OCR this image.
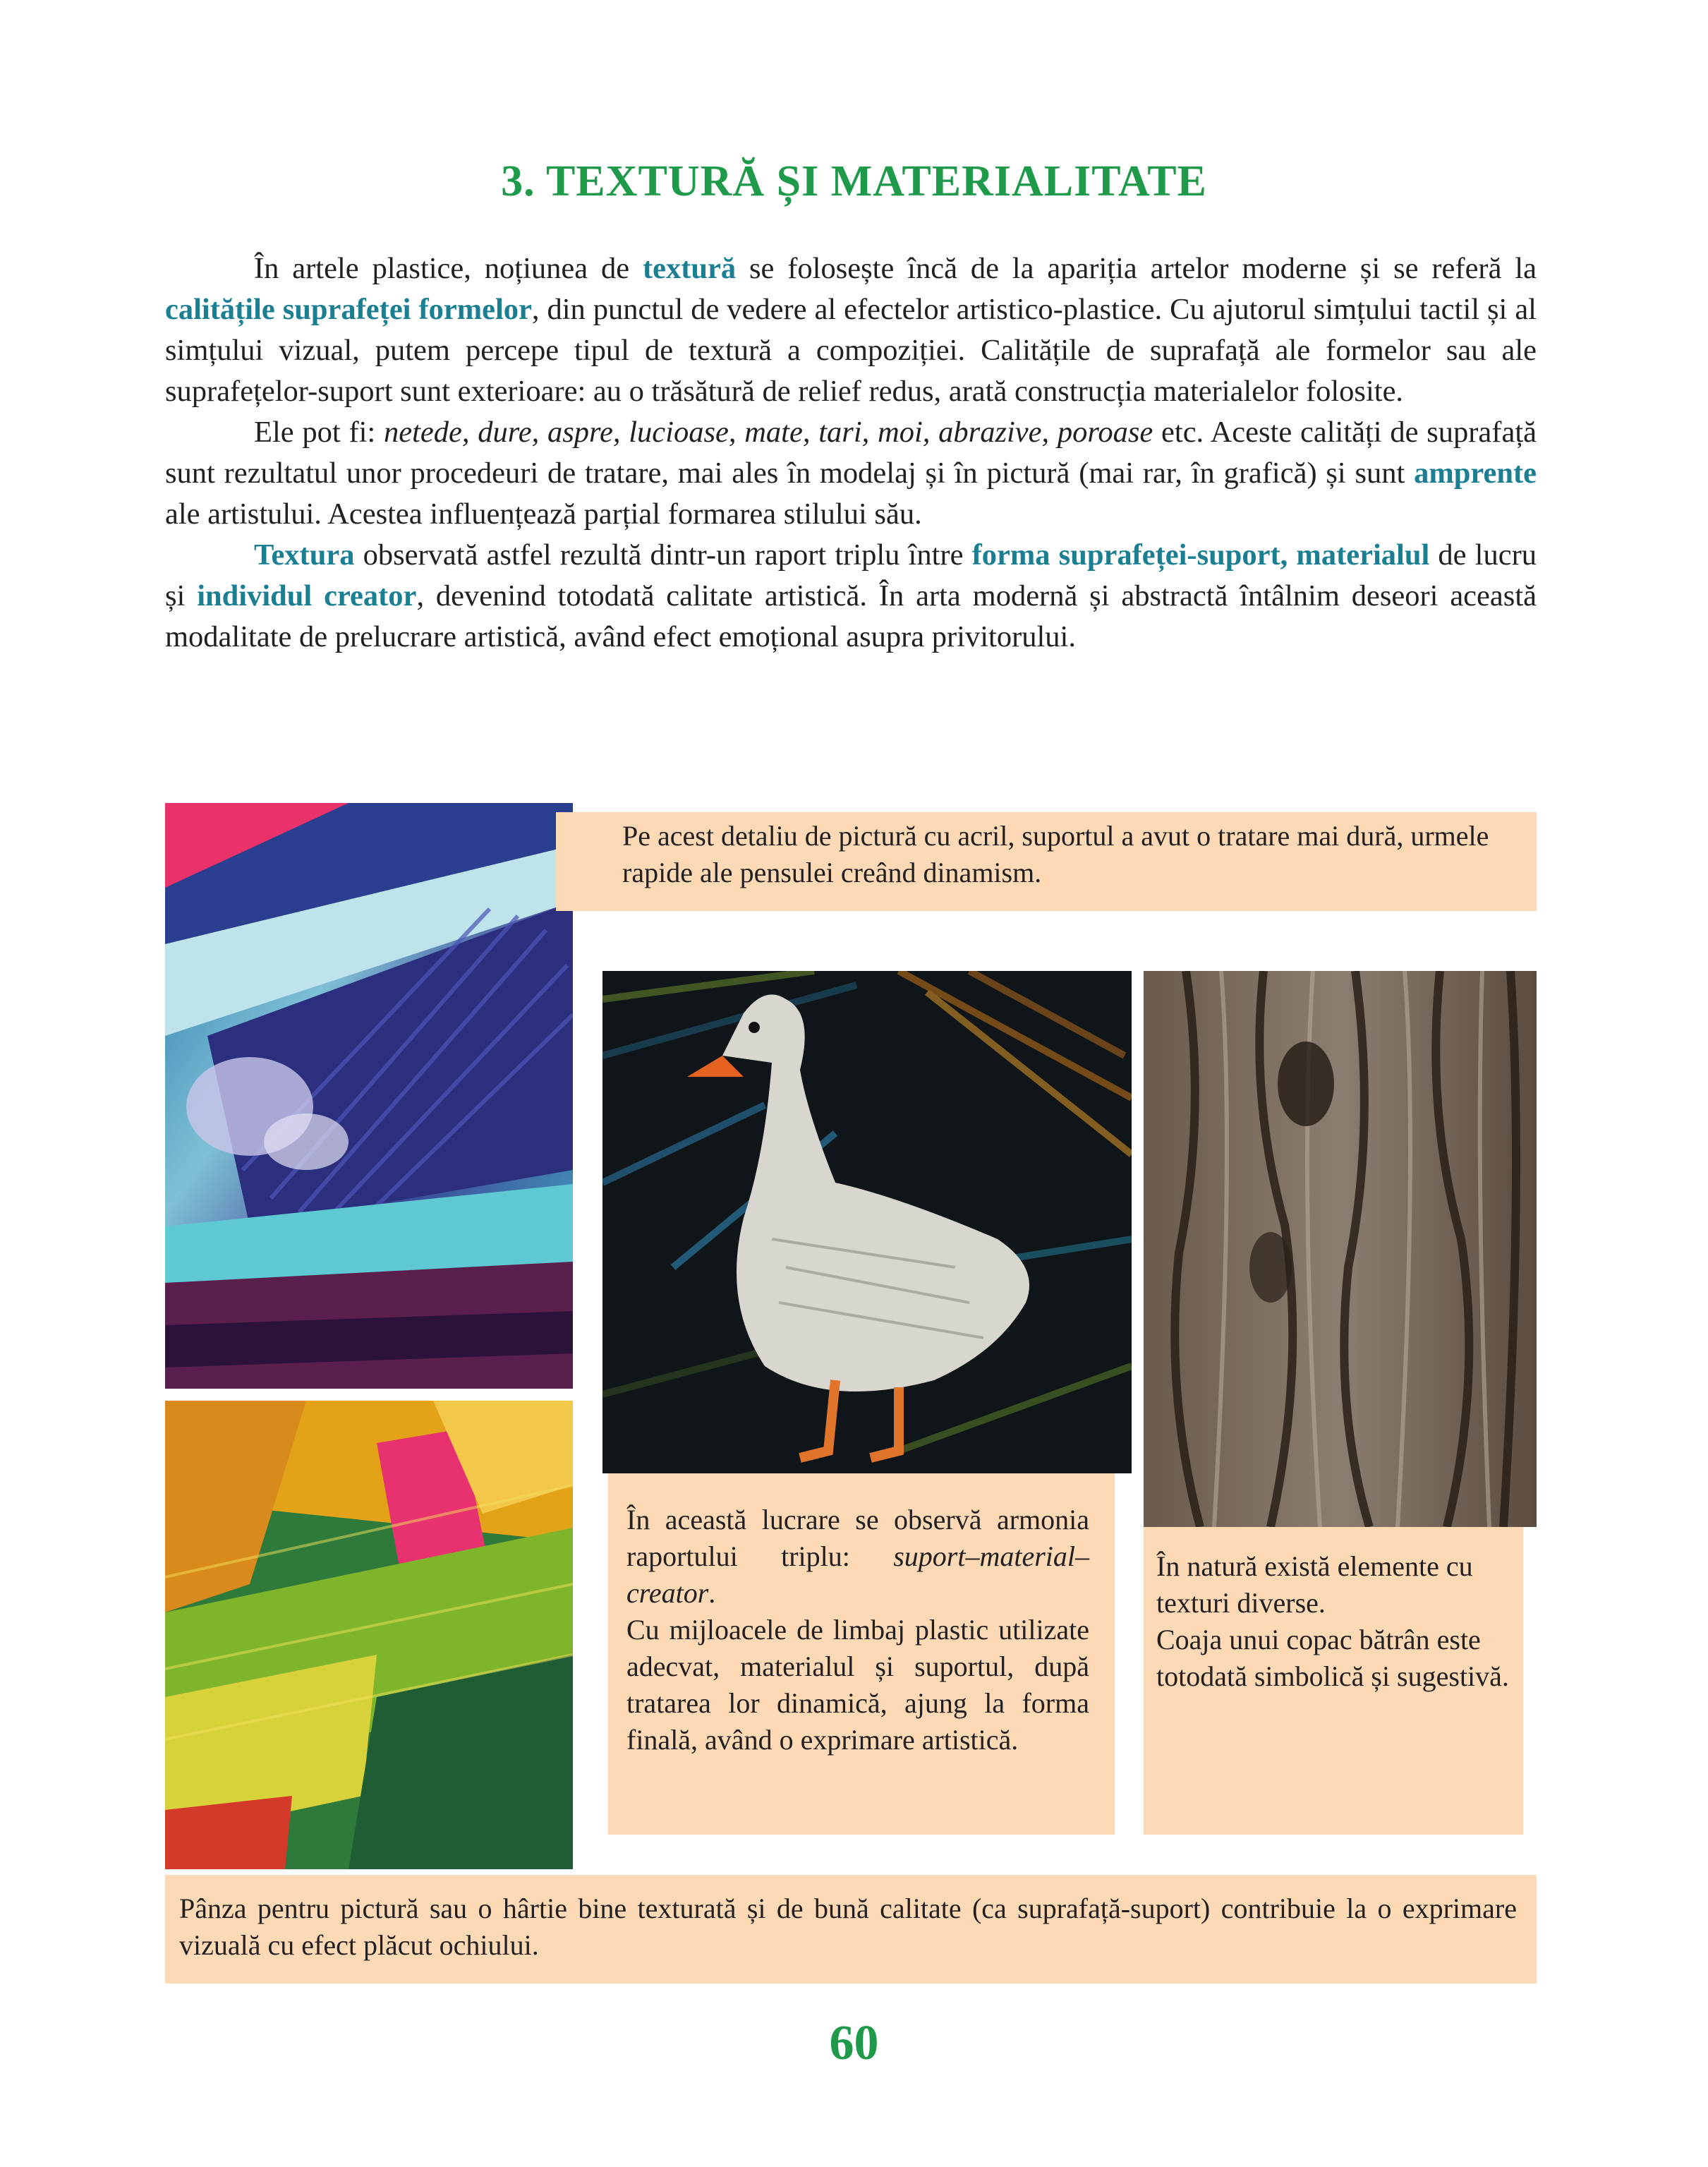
3. TEXTURĂ ȘI MATERIALITATE

În artele plastice, noțiunea de textură se folosește încă de la apariția artelor moderne și se referă la calitățile suprafeței formelor, din punctul de vedere al efectelor artistico-plastice. Cu ajutorul simțului tactil și al simțului vizual, putem percepe tipul de textură a compoziției. Calitățile de suprafață ale formelor sau ale suprafețelor-suport sunt exterioare: au o trăsătură de relief redus, arată construcția materialelor folosite.

Ele pot fi: netede, dure, aspre, lucioase, mate, tari, moi, abrazive, poroase etc. Aceste calități de suprafață sunt rezultatul unor procedeuri de tratare, mai ales în modelaj și în pictură (mai rar, în grafică) și sunt amprente ale artistului. Acestea influențează parțial formarea stilului său.

Textura observată astfel rezultă dintr-un raport triplu între forma suprafeței-suport, materialul de lucru și individul creator, devenind totodată calitate artistică. În arta modernă și abstractă întâlnim deseori această modalitate de prelucrare artistică, având efect emoțional asupra privitorului.

Pe acest detaliu de pictură cu acril, suportul a avut o tratare mai dură, urmele rapide ale pensulei creând dinamism.

În această lucrare se observă armonia raportului triplu: suport–material–creator.

Cu mijloacele de limbaj plastic utilizate adecvat, materialul și suportul, după tratarea lor dinamică, ajung la forma finală, având o exprimare artistică.

În natură există elemente cu texturi diverse.

Coaja unui copac bătrân este totodată simbolică și sugestivă.

Pânza pentru pictură sau o hârtie bine texturată și de bună calitate (ca suprafață-suport) contribuie la o exprimare vizuală cu efect plăcut ochiului.

60
